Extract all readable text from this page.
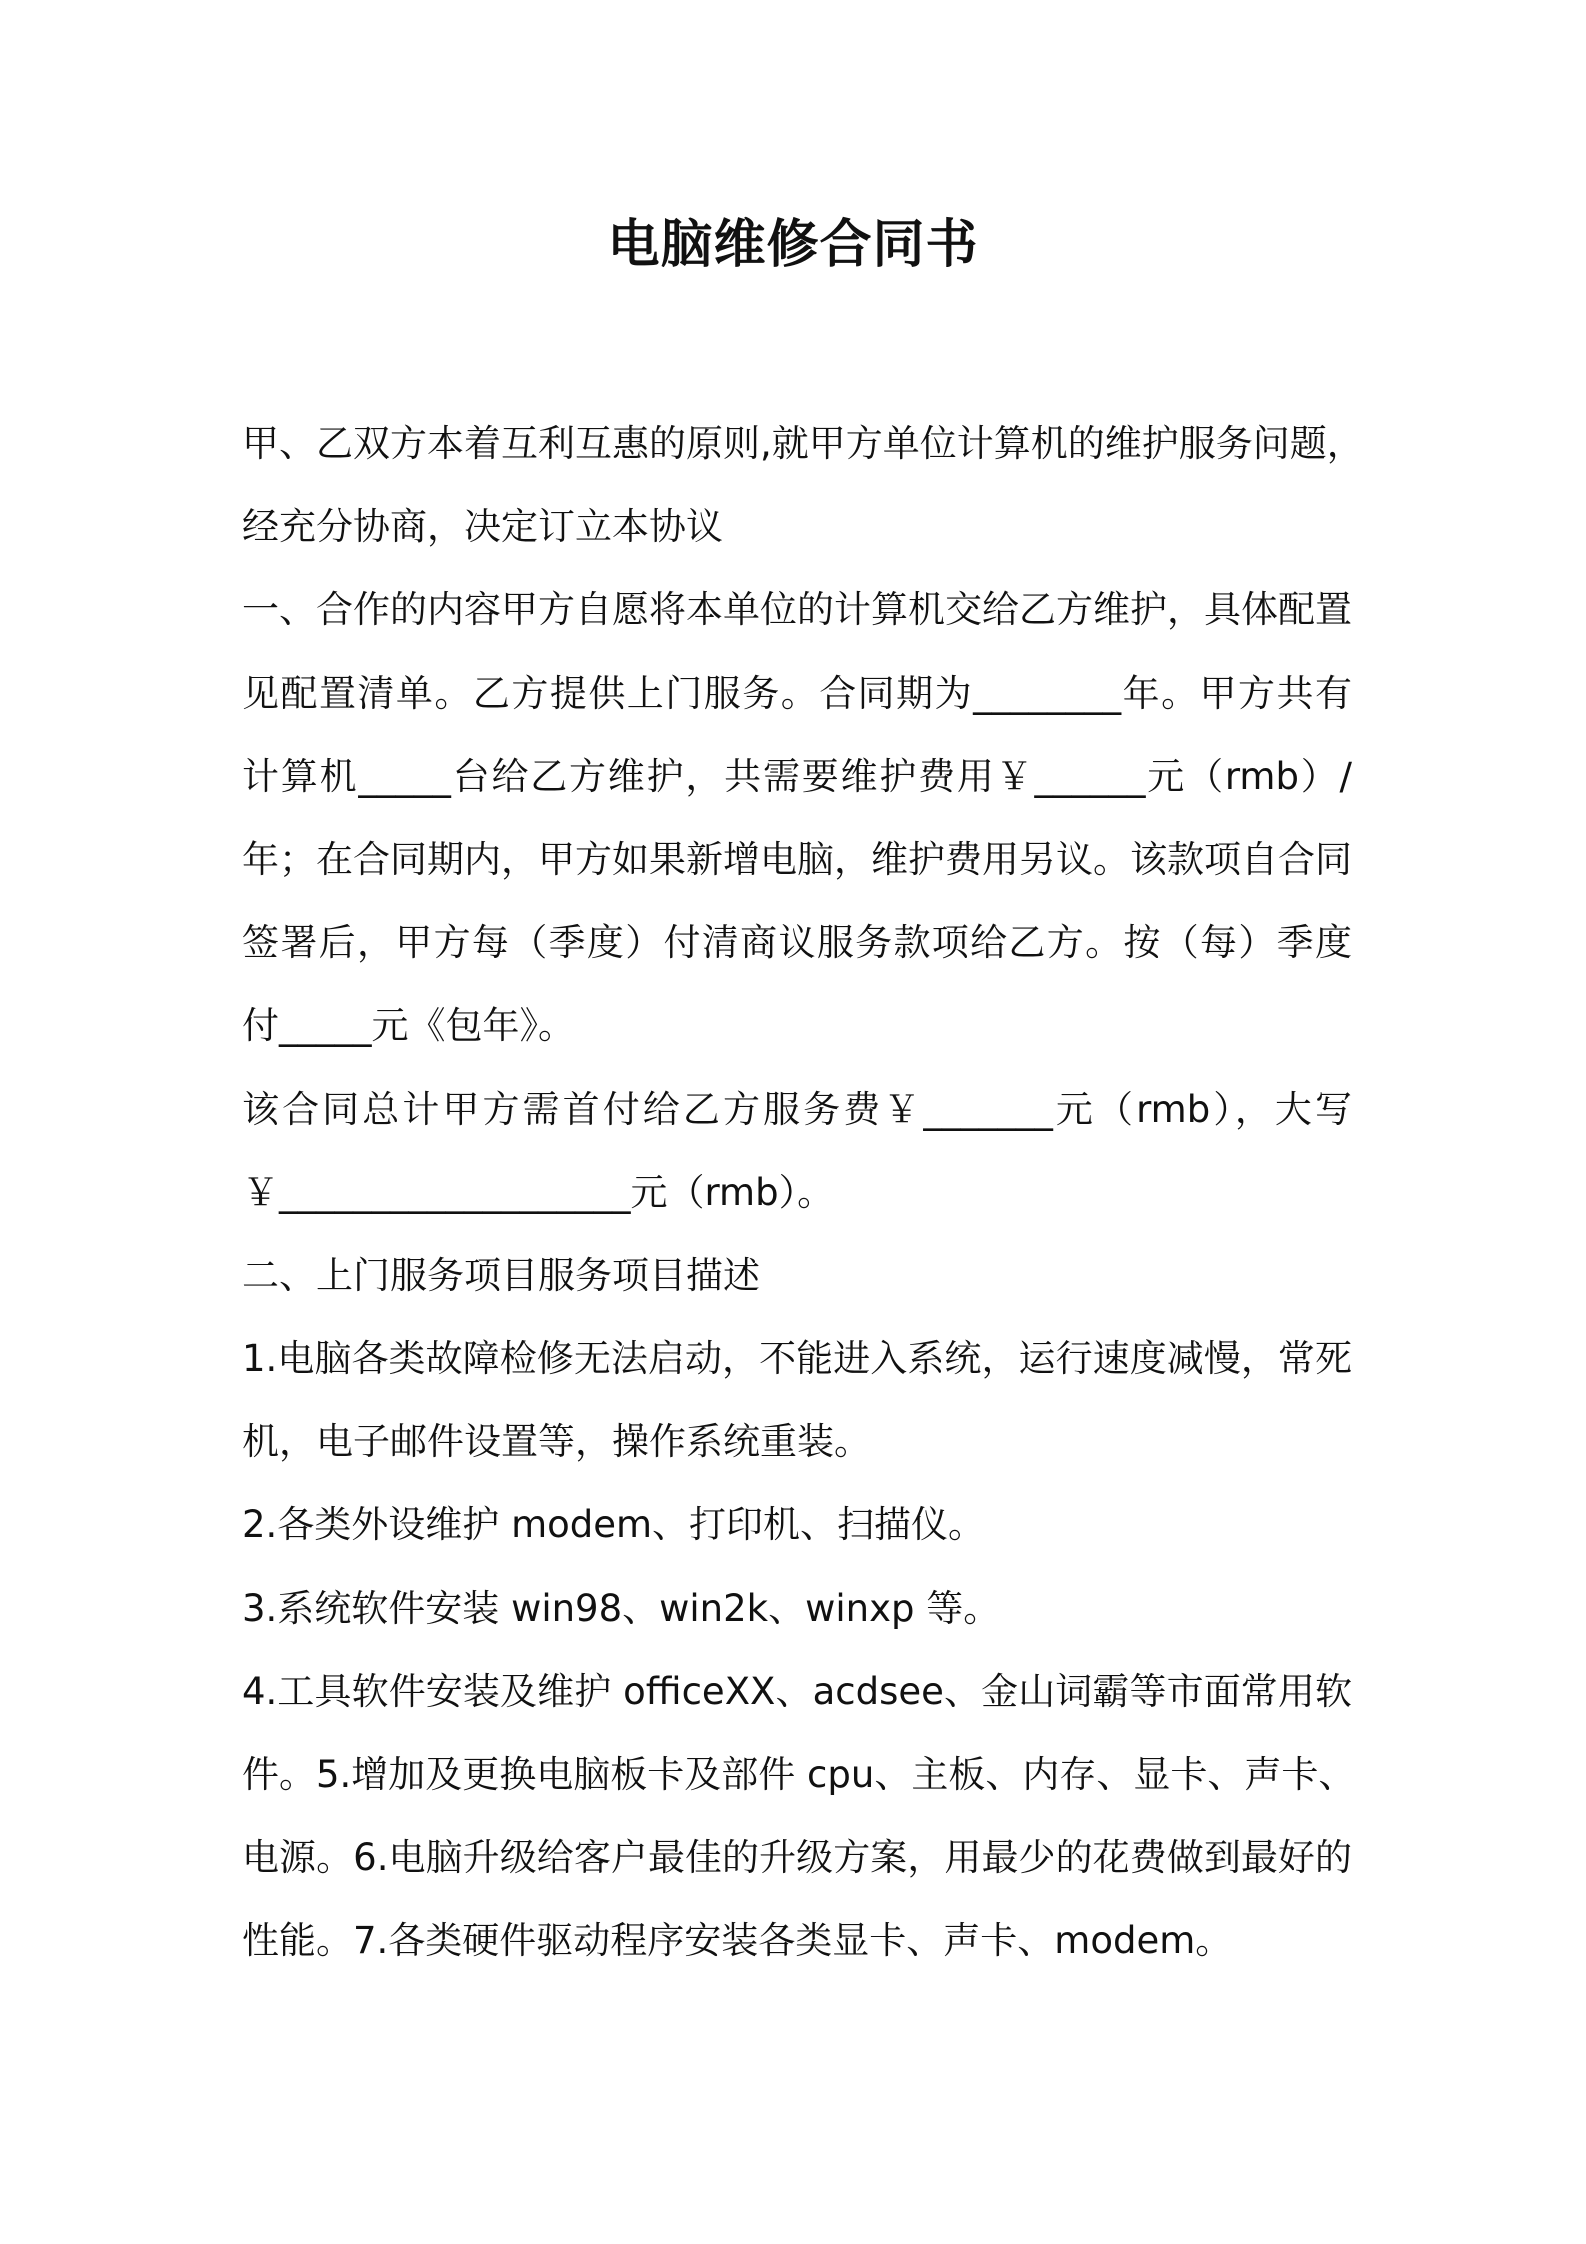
电脑维修合同书
甲、乙双方本着互利互惠的原则,就甲方单位计算机的维护服务问题，
经充分协商，决定订立本协议
一、合作的内容甲方自愿将本单位的计算机交给乙方维护，具体配置
见配置清单。乙方提供上门服务。合同期为________年。甲方共有
计算机_____台给乙方维护，共需要维护费用￥______元（rmb）/
年；在合同期内，甲方如果新增电脑，维护费用另议。该款项自合同
签署后，甲方每（季度）付清商议服务款项给乙方。按（每）季度
付_____元《包年》。
该合同总计甲方需首付给乙方服务费￥_______元（rmb），大写
￥___________________元（rmb）。
二、上门服务项目服务项目描述
1.电脑各类故障检修无法启动，不能进入系统，运行速度减慢，常死
机，电子邮件设置等，操作系统重装。
2.各类外设维护 modem、打印机、扫描仪。
3.系统软件安装 win98、win2k、winxp 等。
4.工具软件安装及维护 officeXX、acdsee、金山词霸等市面常用软
件。5.增加及更换电脑板卡及部件 cpu、主板、内存、显卡、声卡、
电源。6.电脑升级给客户最佳的升级方案，用最少的花费做到最好的
性能。7.各类硬件驱动程序安装各类显卡、声卡、modem。
